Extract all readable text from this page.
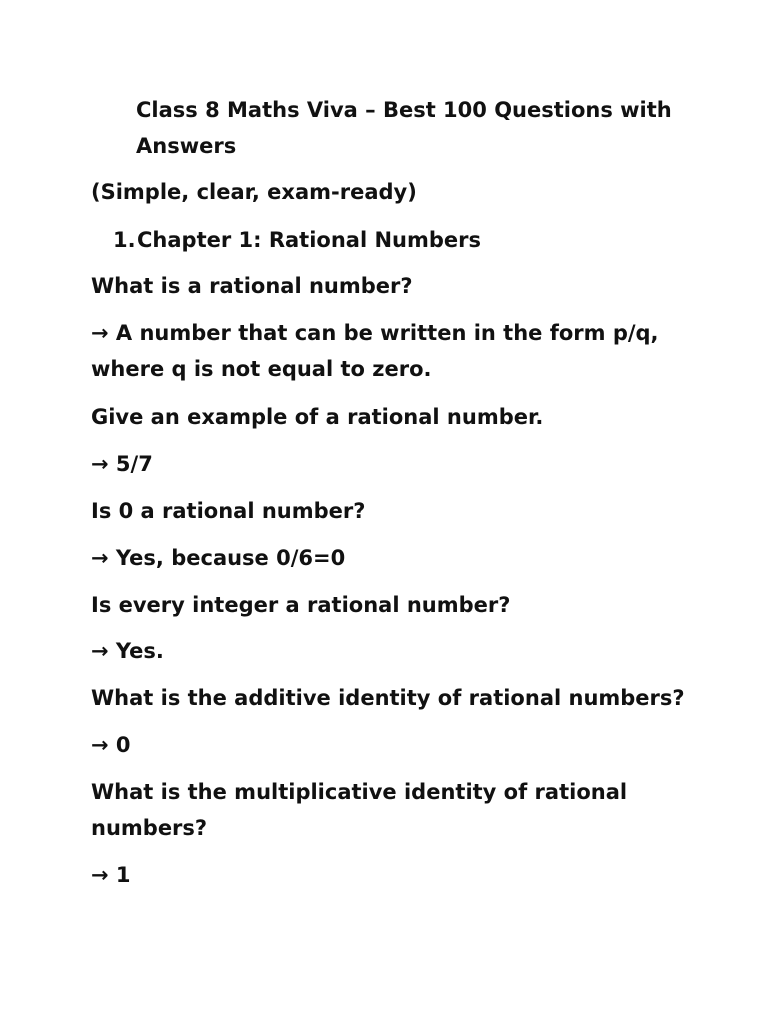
Class 8 Maths Viva – Best 100 Questions with Answers

(Simple, clear, exam-ready)

1.Chapter 1: Rational Numbers

What is a rational number?

→ A number that can be written in the form p/q, where q is not equal to zero.

Give an example of a rational number.

→ 5/7

Is 0 a rational number?

→ Yes, because 0/6=0

Is every integer a rational number?

→ Yes.

What is the additive identity of rational numbers?

→ 0

What is the multiplicative identity of rational numbers?

→ 1
